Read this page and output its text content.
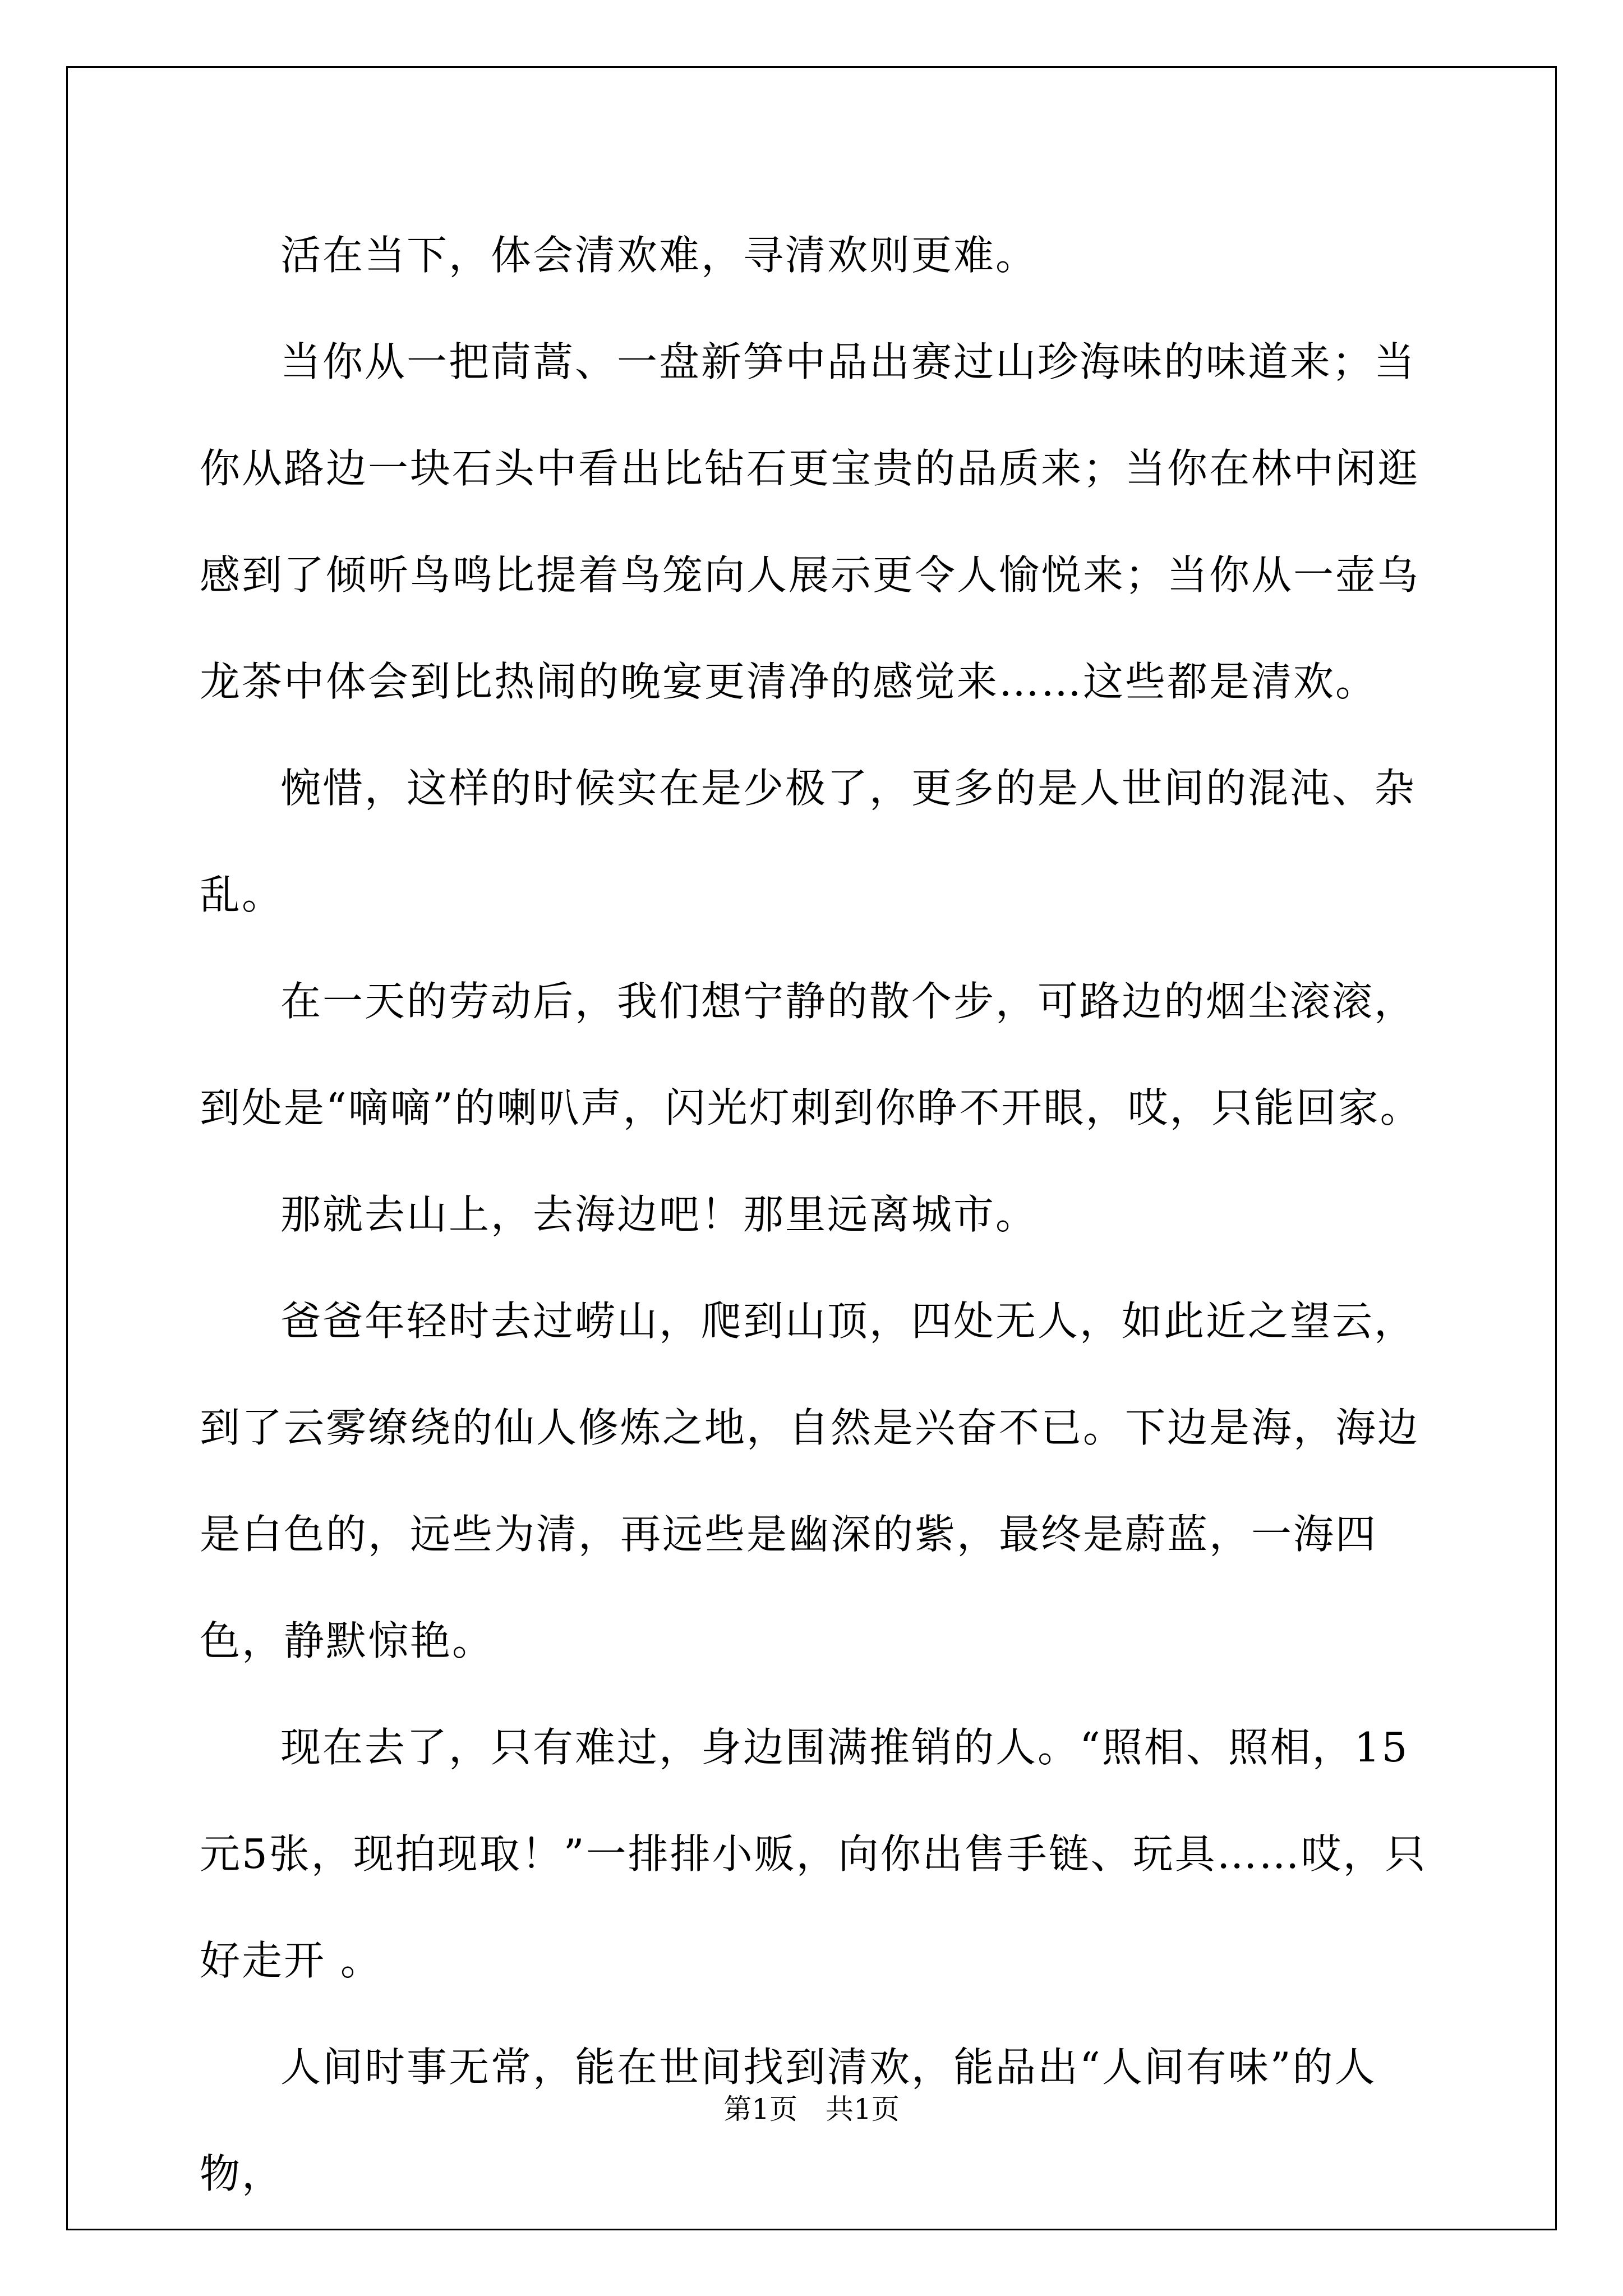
活在当下，体会清欢难，寻清欢则更难。

当你从一把茼蒿、一盘新笋中品出赛过山珍海味的味道来；当你从路边一块石头中看出比钻石更宝贵的品质来；当你在林中闲逛感到了倾听鸟鸣比提着鸟笼向人展示更令人愉悦来；当你从一壶乌龙茶中体会到比热闹的晚宴更清净的感觉来……这些都是清欢。

惋惜，这样的时候实在是少极了，更多的是人世间的混沌、杂乱。

在一天的劳动后，我们想宁静的散个步，可路边的烟尘滚滚，到处是“嘀嘀”的喇叭声，闪光灯刺到你睁不开眼，哎，只能回家。

那就去山上，去海边吧！那里远离城市。

爸爸年轻时去过崂山，爬到山顶，四处无人，如此近之望云，到了云雾缭绕的仙人修炼之地，自然是兴奋不已。下边是海，海边是白色的，远些为清，再远些是幽深的紫，最终是蔚蓝，一海四色，静默惊艳。

现在去了，只有难过，身边围满推销的人。“照相、照相，15元5张，现拍现取！”一排排小贩，向你出售手链、玩具……哎，只好走开 。

人间时事无常，能在世间找到清欢，能品出“人间有味”的人物，

第1页 共1页
